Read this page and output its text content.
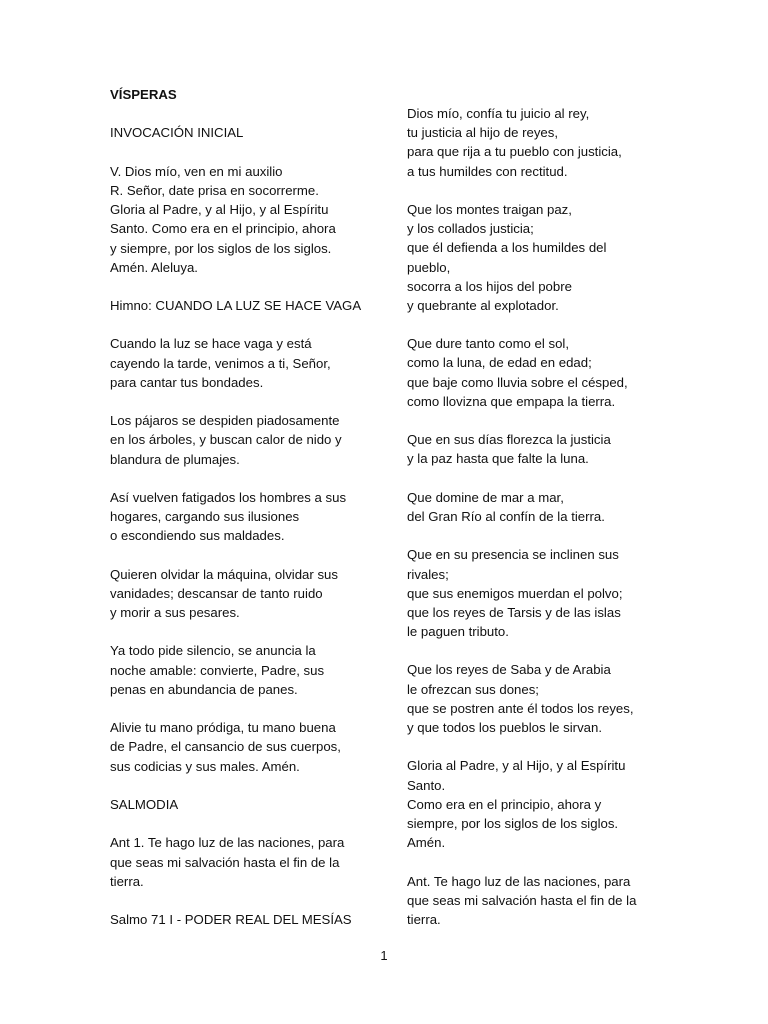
VÍSPERAS
INVOCACIÓN INICIAL
V. Dios mío, ven en mi auxilio
R. Señor, date prisa en socorrerme.
Gloria al Padre, y al Hijo, y al Espíritu
Santo. Como era en el principio, ahora
y siempre, por los siglos de los siglos.
Amén. Aleluya.
Himno: CUANDO LA LUZ SE HACE VAGA
Cuando la luz se hace vaga y está
cayendo la tarde, venimos a ti, Señor,
para cantar tus bondades.
Los pájaros se despiden piadosamente
en los árboles, y buscan calor de nido y
blandura de plumajes.
Así vuelven fatigados los hombres a sus
hogares, cargando sus ilusiones
o escondiendo sus maldades.
Quieren olvidar la máquina, olvidar sus
vanidades; descansar de tanto ruido
y morir a sus pesares.
Ya todo pide silencio, se anuncia la
noche amable: convierte, Padre, sus
penas en abundancia de panes.
Alivie tu mano pródiga, tu mano buena
de Padre, el cansancio de sus cuerpos,
sus codicias y sus males. Amén.
SALMODIA
Ant 1. Te hago luz de las naciones, para
que seas mi salvación hasta el fin de la
tierra.
Salmo 71 I - PODER REAL DEL MESÍAS
Dios mío, confía tu juicio al rey,
tu justicia al hijo de reyes,
para que rija a tu pueblo con justicia,
a tus humildes con rectitud.
Que los montes traigan paz,
y los collados justicia;
que él defienda a los humildes del
pueblo,
socorra a los hijos del pobre
y quebrante al explotador.
Que dure tanto como el sol,
como la luna, de edad en edad;
que baje como lluvia sobre el césped,
como llovizna que empapa la tierra.
Que en sus días florezca la justicia
y la paz hasta que falte la luna.
Que domine de mar a mar,
del Gran Río al confín de la tierra.
Que en su presencia se inclinen sus
rivales;
que sus enemigos muerdan el polvo;
que los reyes de Tarsis y de las islas
le paguen tributo.
Que los reyes de Saba y de Arabia
le ofrezcan sus dones;
que se postren ante él todos los reyes,
y que todos los pueblos le sirvan.
Gloria al Padre, y al Hijo, y al Espíritu
Santo.
Como era en el principio, ahora y
siempre, por los siglos de los siglos.
Amén.
Ant. Te hago luz de las naciones, para
que seas mi salvación hasta el fin de la
tierra.
1
